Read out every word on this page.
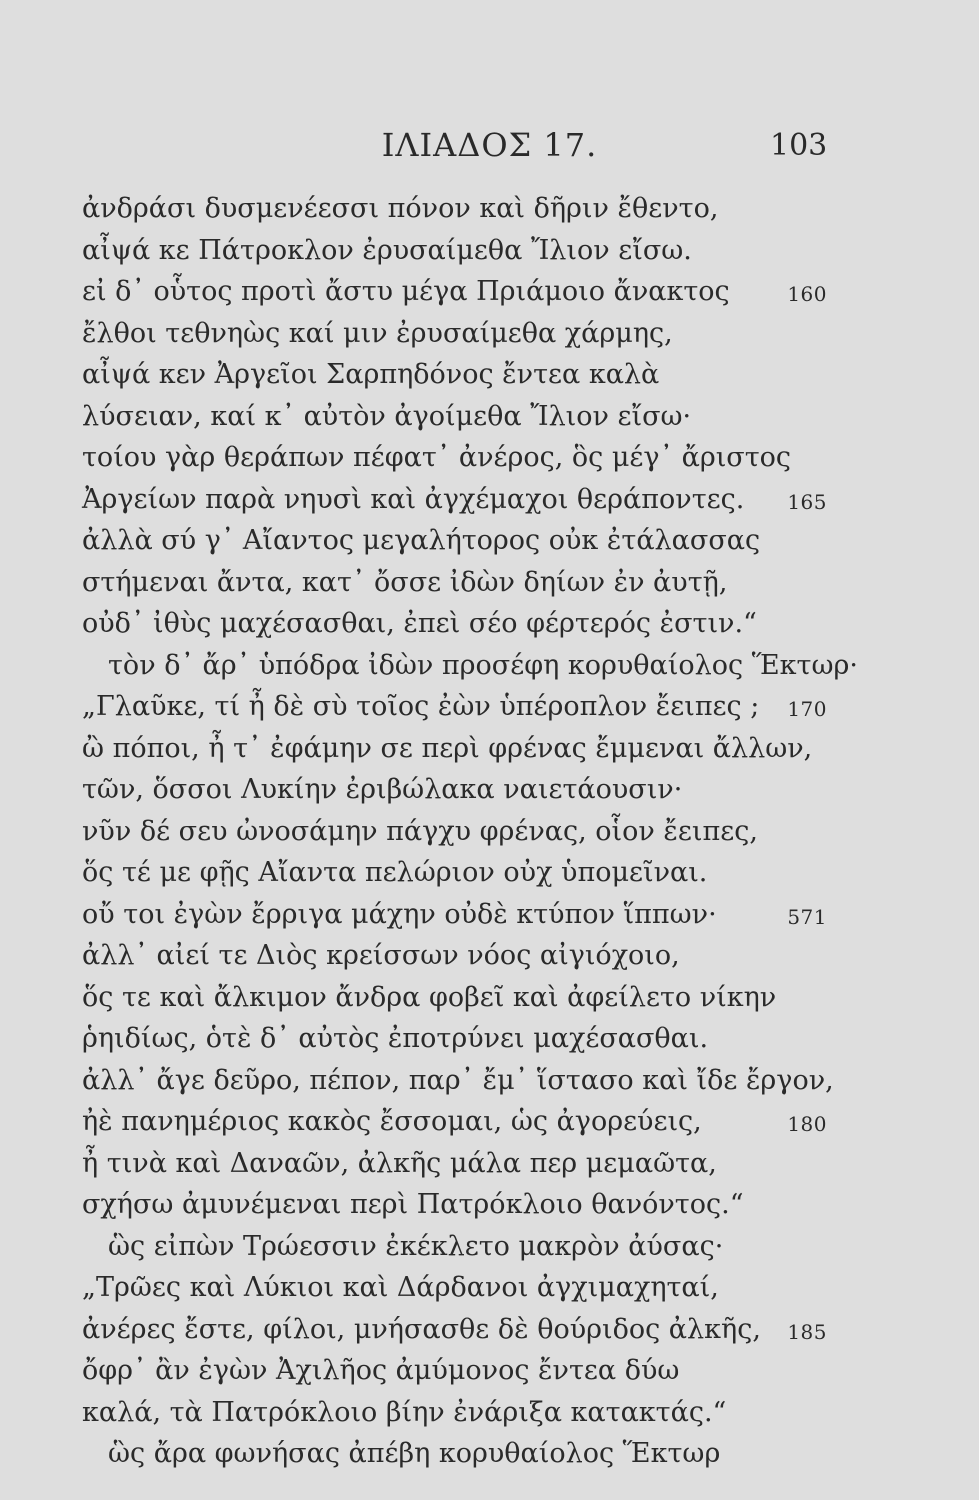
ΙΛΙΑΔΟΣ 17.	103
ἀνδράσι δυσμενέεσσι πόνον καὶ δῆριν ἔθεντο,
αἶψά κε Πάτροκλον ἐρυσαίμεθα Ἴλιον εἴσω.
εἰ δ᾽ οὗτος προτὶ ἄστυ μέγα Πριάμοιο ἄνακτος	160
ἔλθοι τεθνηὼς καί μιν ἐρυσαίμεθα χάρμης,
αἶψά κεν Ἀργεῖοι Σαρπηδόνος ἔντεα καλὰ
λύσειαν, καί κ᾽ αὐτὸν ἀγοίμεθα Ἴλιον εἴσω·
τοίου γὰρ θεράπων πέφατ᾽ ἀνέρος, ὃς μέγ᾽ ἄριστος
Ἀργείων παρὰ νηυσὶ καὶ ἀγχέμαχοι θεράποντες. 165
ἀλλὰ σύ γ᾽ Αἴαντος μεγαλήτορος οὐκ ἐτάλασσας
στήμεναι ἄντα, κατ᾽ ὄσσε ἰδὼν δηίων ἐν ἀυτῇ,
οὐδ᾽ ἰθὺς μαχέσασθαι, ἐπεὶ σέο φέρτερός ἐστιν.“
τὸν δ᾽ ἄρ᾽ ὑπόδρα ἰδὼν προσέφη κορυθαίολος Ἕκτωρ·
„Γλαῦκε, τί ἦ δὲ σὺ τοῖος ἐὼν ὑπέροπλον ἔειπες ; 170
ὢ πόποι, ἦ τ᾽ ἐφάμην σε περὶ φρένας ἔμμεναι ἄλλων,
τῶν, ὅσσοι Λυκίην ἐριβώλακα ναιετάουσιν·
νῦν δέ σευ ὠνοσάμην πάγχυ φρένας, οἷον ἔειπες,
ὅς τέ με φῇς Αἴαντα πελώριον οὐχ ὑπομεῖναι.
οὔ τοι ἐγὼν ἔρριγα μάχην οὐδὲ κτύπον ἵππων·	571
ἀλλ᾽ αἰεί τε Διὸς κρείσσων νόος αἰγιόχοιο,
ὅς τε καὶ ἄλκιμον ἄνδρα φοβεῖ καὶ ἀφείλετο νίκην
ῥηιδίως, ὁτὲ δ᾽ αὐτὸς ἐποτρύνει μαχέσασθαι.
ἀλλ᾽ ἄγε δεῦρο, πέπον, παρ᾽ ἔμ᾽ ἵστασο καὶ ἴδε ἔργον,
ἠὲ πανημέριος κακὸς ἔσσομαι, ὡς ἀγορεύεις,	180
ἦ τινὰ καὶ Δαναῶν, ἀλκῆς μάλα περ μεμαῶτα,
σχήσω ἀμυνέμεναι περὶ Πατρόκλοιο θανόντος.“
ὣς εἰπὼν Τρώεσσιν ἐκέκλετο μακρὸν ἀύσας·
„Τρῶες καὶ Λύκιοι καὶ Δάρδανοι ἀγχιμαχηταί,
ἀνέρες ἔστε, φίλοι, μνήσασθε δὲ θούριδος ἀλκῆς, 185
ὄφρ᾽ ἂν ἐγὼν Ἀχιλῆος ἀμύμονος ἔντεα δύω
καλά, τὰ Πατρόκλοιο βίην ἐνάριξα κατακτάς.“
ὣς ἄρα φωνήσας ἀπέβη κορυθαίολος Ἕκτωρ
